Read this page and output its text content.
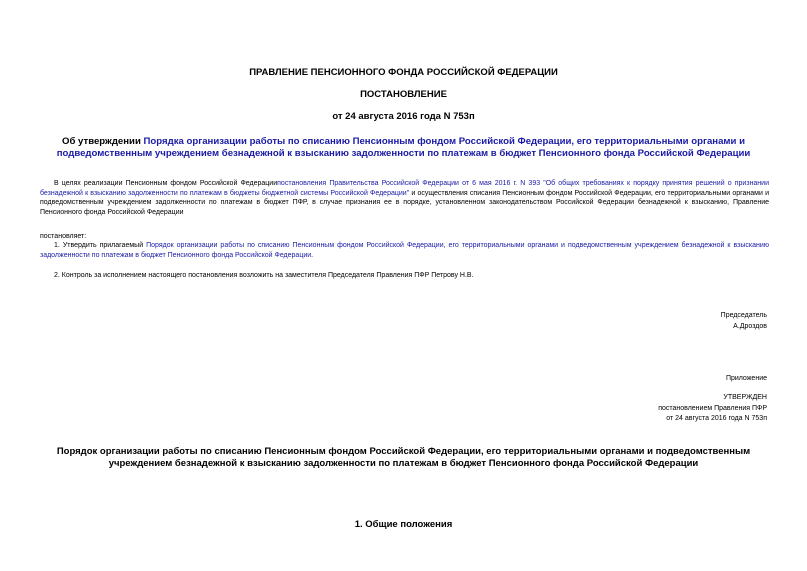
ПРАВЛЕНИЕ ПЕНСИОННОГО ФОНДА РОССИЙСКОЙ ФЕДЕРАЦИИ
ПОСТАНОВЛЕНИЕ
от 24 августа 2016 года N 753п
Об утверждении Порядка организации работы по списанию Пенсионным фондом Российской Федерации, его территориальными органами и подведомственным учреждением безнадежной к взысканию задолженности по платежам в бюджет Пенсионного фонда Российской Федерации
В целях реализации Пенсионным фондом Российской Федерациипостановления Правительства Российской Федерации от 6 мая 2016 г. N 393 "Об общих требованиях к порядку принятия решений о признании безнадежной к взысканию задолженности по платежам в бюджеты бюджетной системы Российской Федерации" и осуществления списания Пенсионным фондом Российской Федерации, его территориальными органами и подведомственным учреждением задолженности по платежам в бюджет ПФР, в случае признания ее в порядке, установленном законодательством Российской Федерации безнадежной к взысканию, Правление Пенсионного фонда Российской Федерации
постановляет:
1. Утвердить прилагаемый Порядок организации работы по списанию Пенсионным фондом Российской Федерации, его территориальными органами и подведомственным учреждением безнадежной к взысканию задолженности по платежам в бюджет Пенсионного фонда Российской Федерации.
2. Контроль за исполнением настоящего постановления возложить на заместителя Председателя Правления ПФР Петрову Н.В.
Председатель
А.Дроздов
Приложение
УТВЕРЖДЕН
постановлением Правления ПФР
от 24 августа 2016 года N 753п
Порядок организации работы по списанию Пенсионным фондом Российской Федерации, его территориальными органами и подведомственным учреждением безнадежной к взысканию задолженности по платежам в бюджет Пенсионного фонда Российской Федерации
1. Общие положения
